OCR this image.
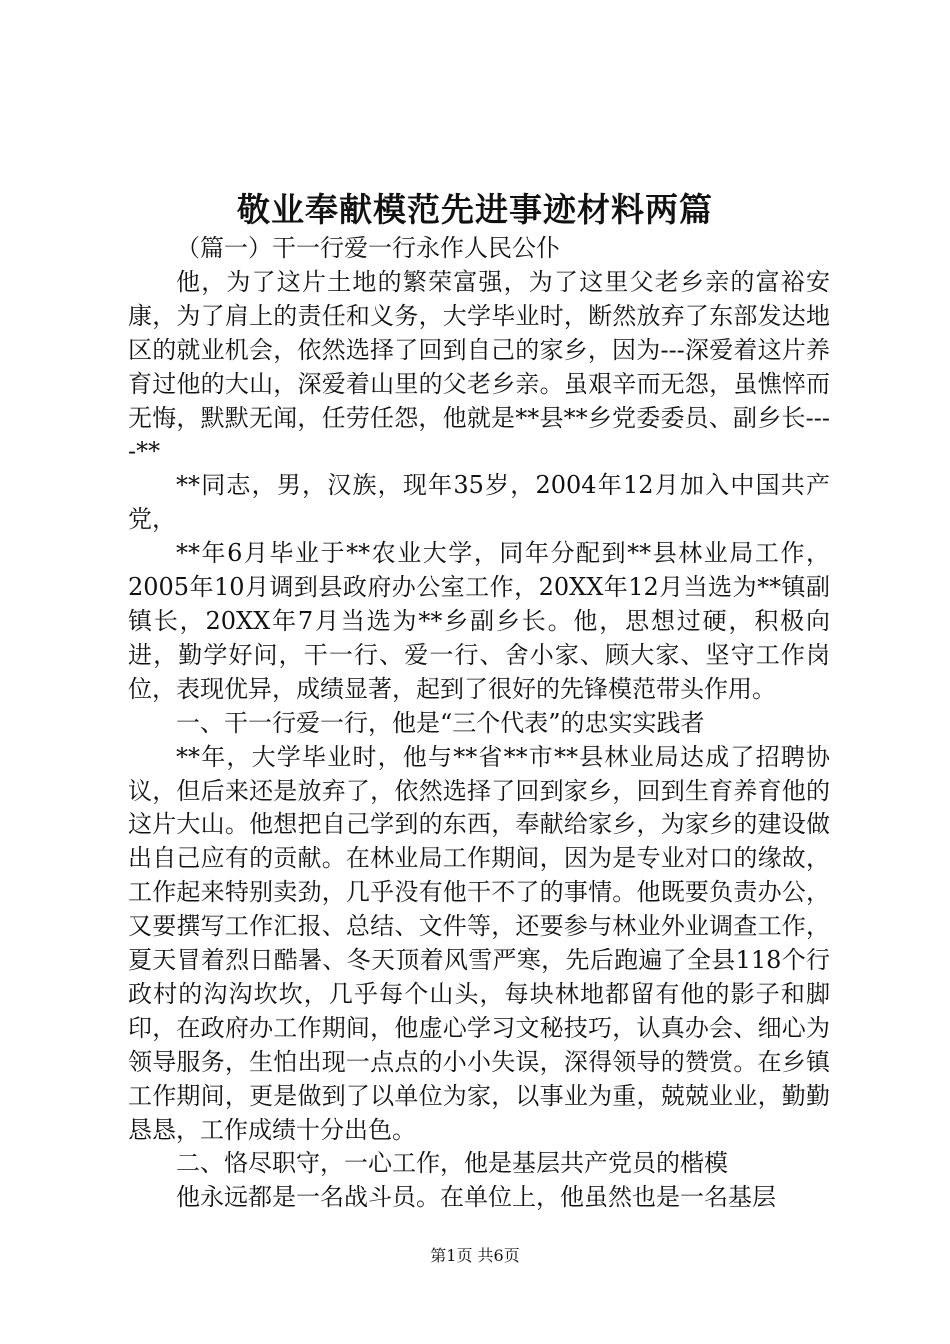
敬业奉献模范先进事迹材料两篇

（篇一）干一行爱一行永作人民公仆

他，为了这片土地的繁荣富强，为了这里父老乡亲的富裕安康，为了肩上的责任和义务，大学毕业时，断然放弃了东部发达地区的就业机会，依然选择了回到自己的家乡，因为---深爱着这片养育过他的大山，深爱着山里的父老乡亲。虽艰辛而无怨，虽憔悴而无悔，默默无闻，任劳任怨，他就是**县**乡党委委员、副乡长----**

**同志，男，汉族，现年35岁，2004年12月加入中国共产党，

**年6月毕业于**农业大学，同年分配到**县林业局工作，2005年10月调到县政府办公室工作，20XX年12月当选为**镇副镇长，20XX年7月当选为**乡副乡长。他，思想过硬，积极向进，勤学好问，干一行、爱一行、舍小家、顾大家、坚守工作岗位，表现优异，成绩显著，起到了很好的先锋模范带头作用。

一、干一行爱一行，他是“三个代表”的忠实实践者

**年，大学毕业时，他与**省**市**县林业局达成了招聘协议，但后来还是放弃了，依然选择了回到家乡，回到生育养育他的这片大山。他想把自己学到的东西，奉献给家乡，为家乡的建设做出自己应有的贡献。在林业局工作期间，因为是专业对口的缘故，工作起来特别卖劲，几乎没有他干不了的事情。他既要负责办公，又要撰写工作汇报、总结、文件等，还要参与林业外业调查工作，夏天冒着烈日酷暑、冬天顶着风雪严寒，先后跑遍了全县118个行政村的沟沟坎坎，几乎每个山头，每块林地都留有他的影子和脚印，在政府办工作期间，他虚心学习文秘技巧，认真办会、细心为领导服务，生怕出现一点点的小小失误，深得领导的赞赏。在乡镇工作期间，更是做到了以单位为家，以事业为重，兢兢业业，勤勤恳恳，工作成绩十分出色。

二、恪尽职守，一心工作，他是基层共产党员的楷模

他永远都是一名战斗员。在单位上，他虽然也是一名基层

第1页 共6页
